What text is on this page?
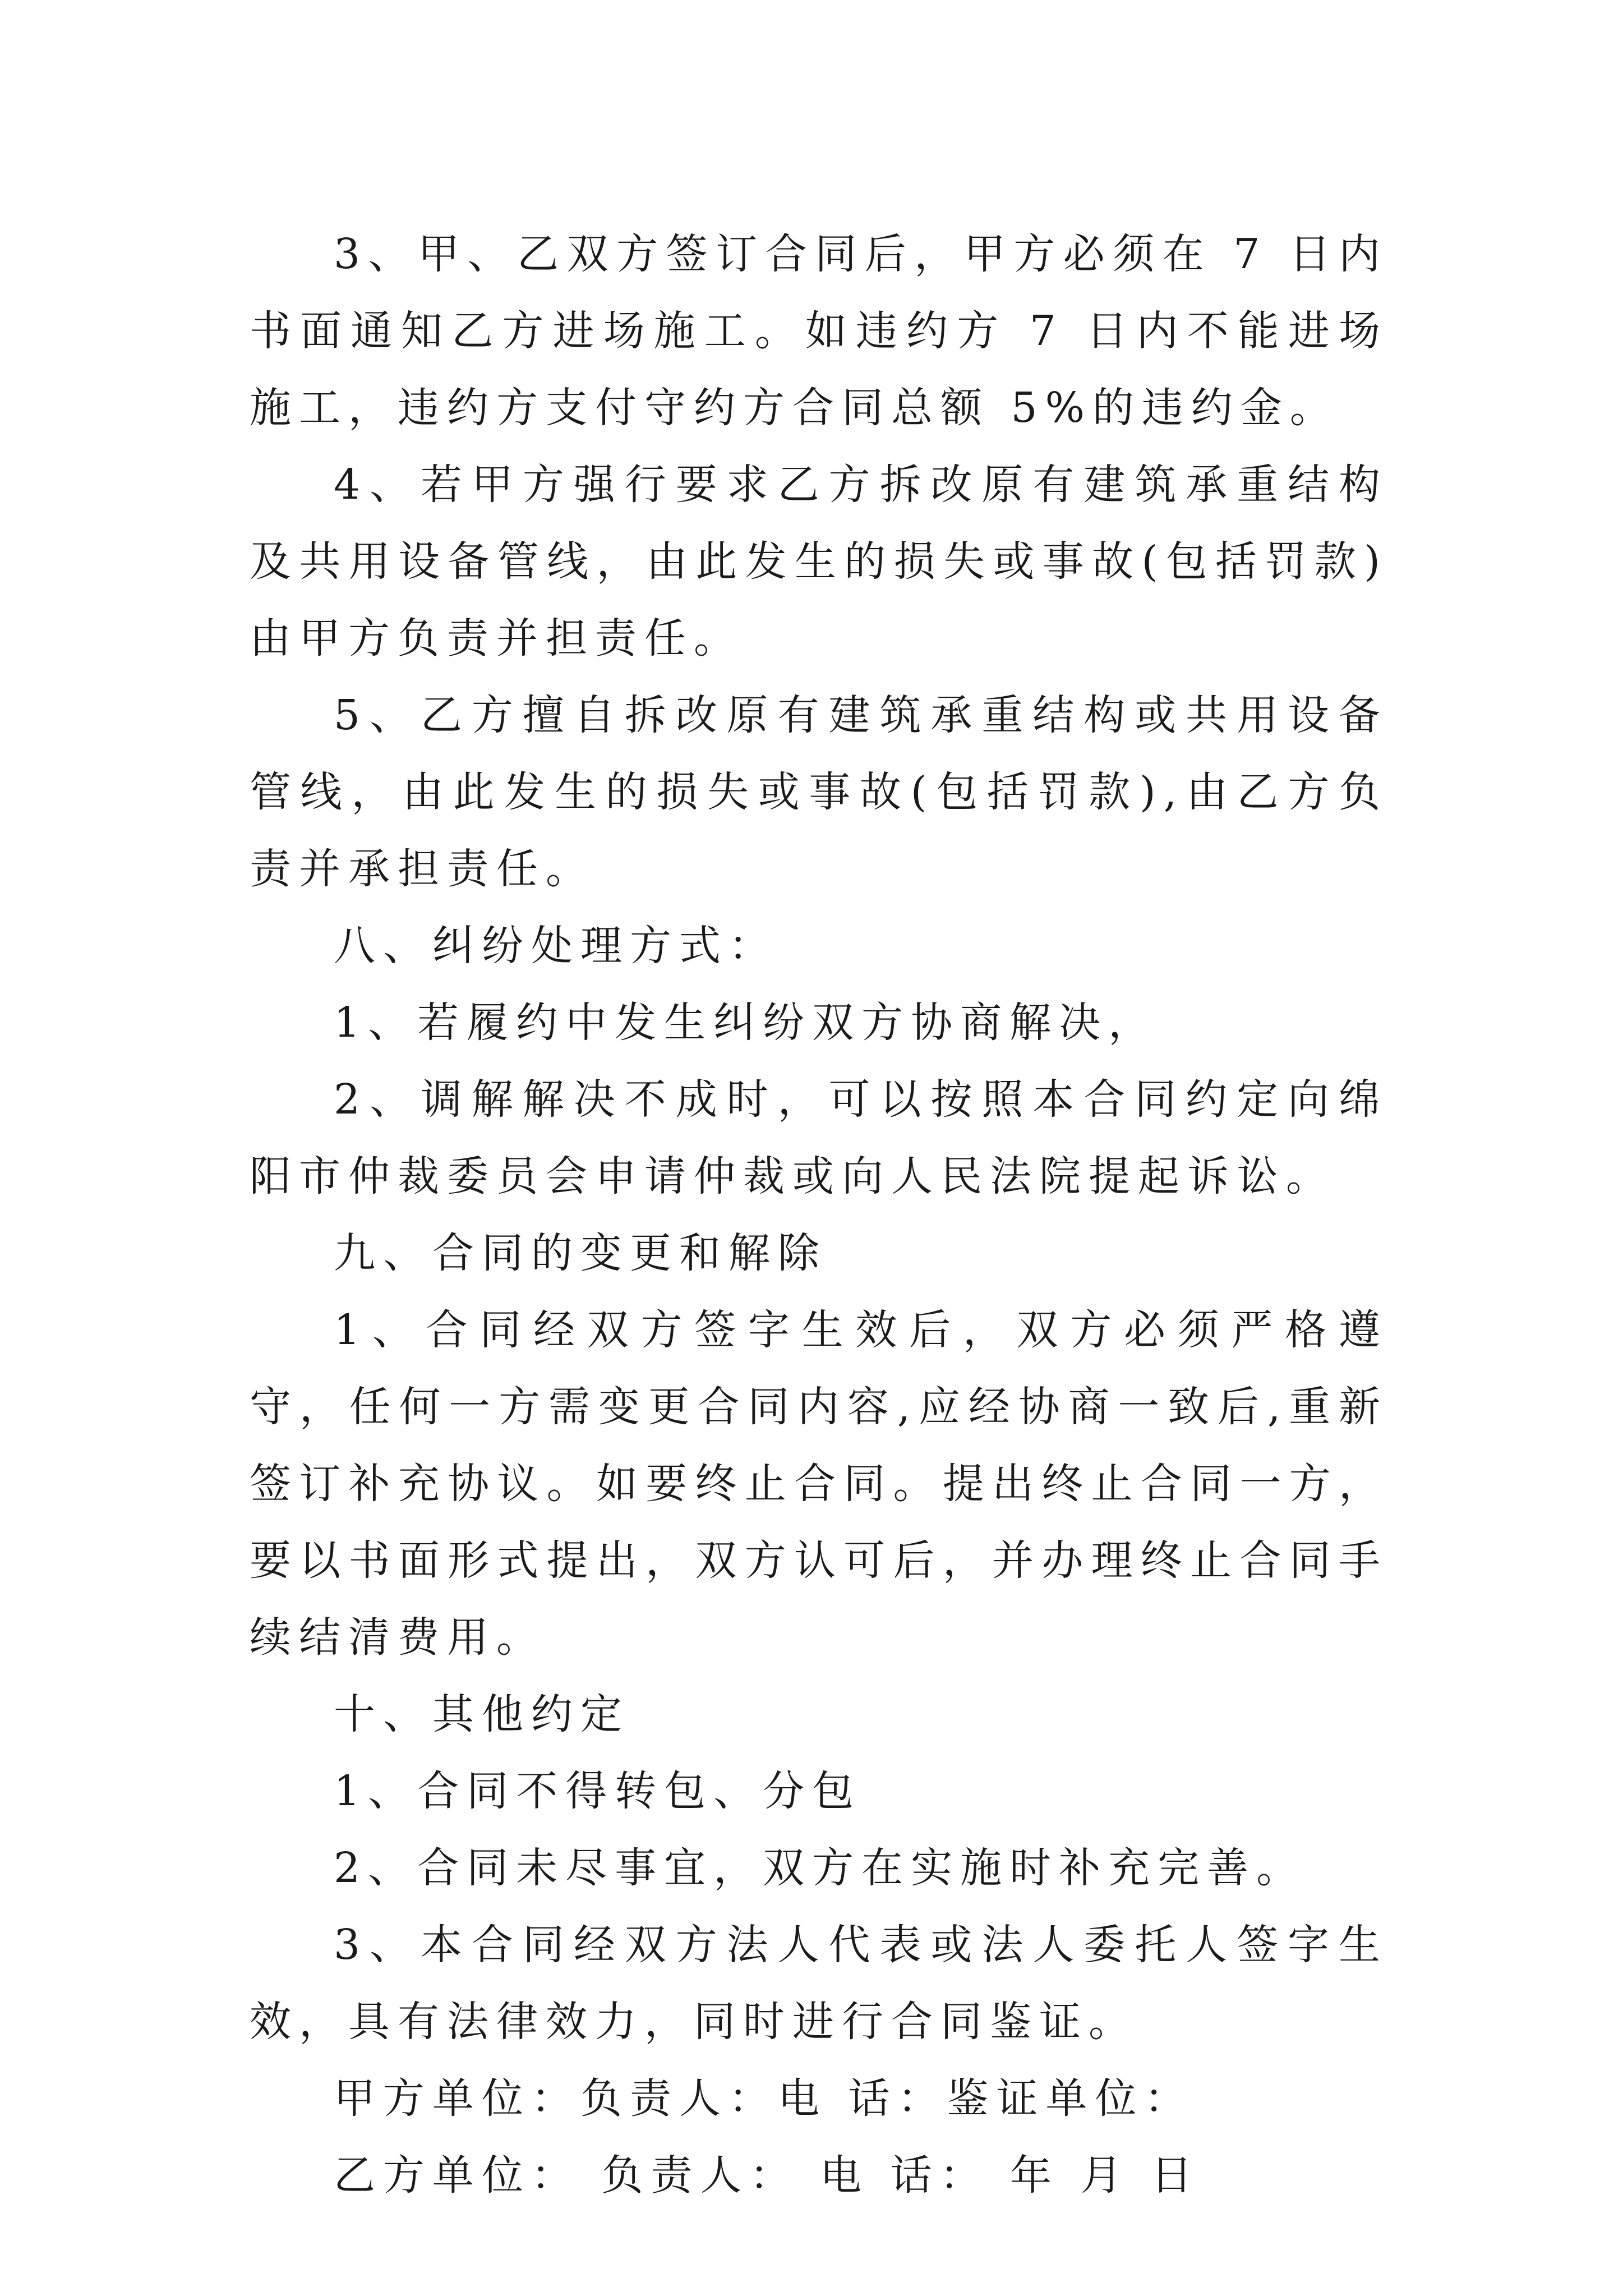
3、甲、乙双方签订合同后，甲方必须在 7 日内书面通知乙方进场施工。如违约方 7 日内不能进场施工，违约方支付守约方合同总额 5%的违约金。

4、若甲方强行要求乙方拆改原有建筑承重结构及共用设备管线，由此发生的损失或事故(包括罚款)由甲方负责并担责任。

5、乙方擅自拆改原有建筑承重结构或共用设备管线，由此发生的损失或事故(包括罚款),由乙方负责并承担责任。

八、纠纷处理方式：

1、若履约中发生纠纷双方协商解决，

2、调解解决不成时，可以按照本合同约定向绵阳市仲裁委员会申请仲裁或向人民法院提起诉讼。

九、合同的变更和解除

1、合同经双方签字生效后，双方必须严格遵守，任何一方需变更合同内容,应经协商一致后,重新签订补充协议。如要终止合同。提出终止合同一方，要以书面形式提出，双方认可后，并办理终止合同手续结清费用。

十、其他约定

1、合同不得转包、分包

2、合同未尽事宜，双方在实施时补充完善。

3、本合同经双方法人代表或法人委托人签字生效，具有法律效力，同时进行合同鉴证。

甲方单位：负责人：电 话：鉴证单位：

乙方单位： 负责人： 电 话： 年 月 日
